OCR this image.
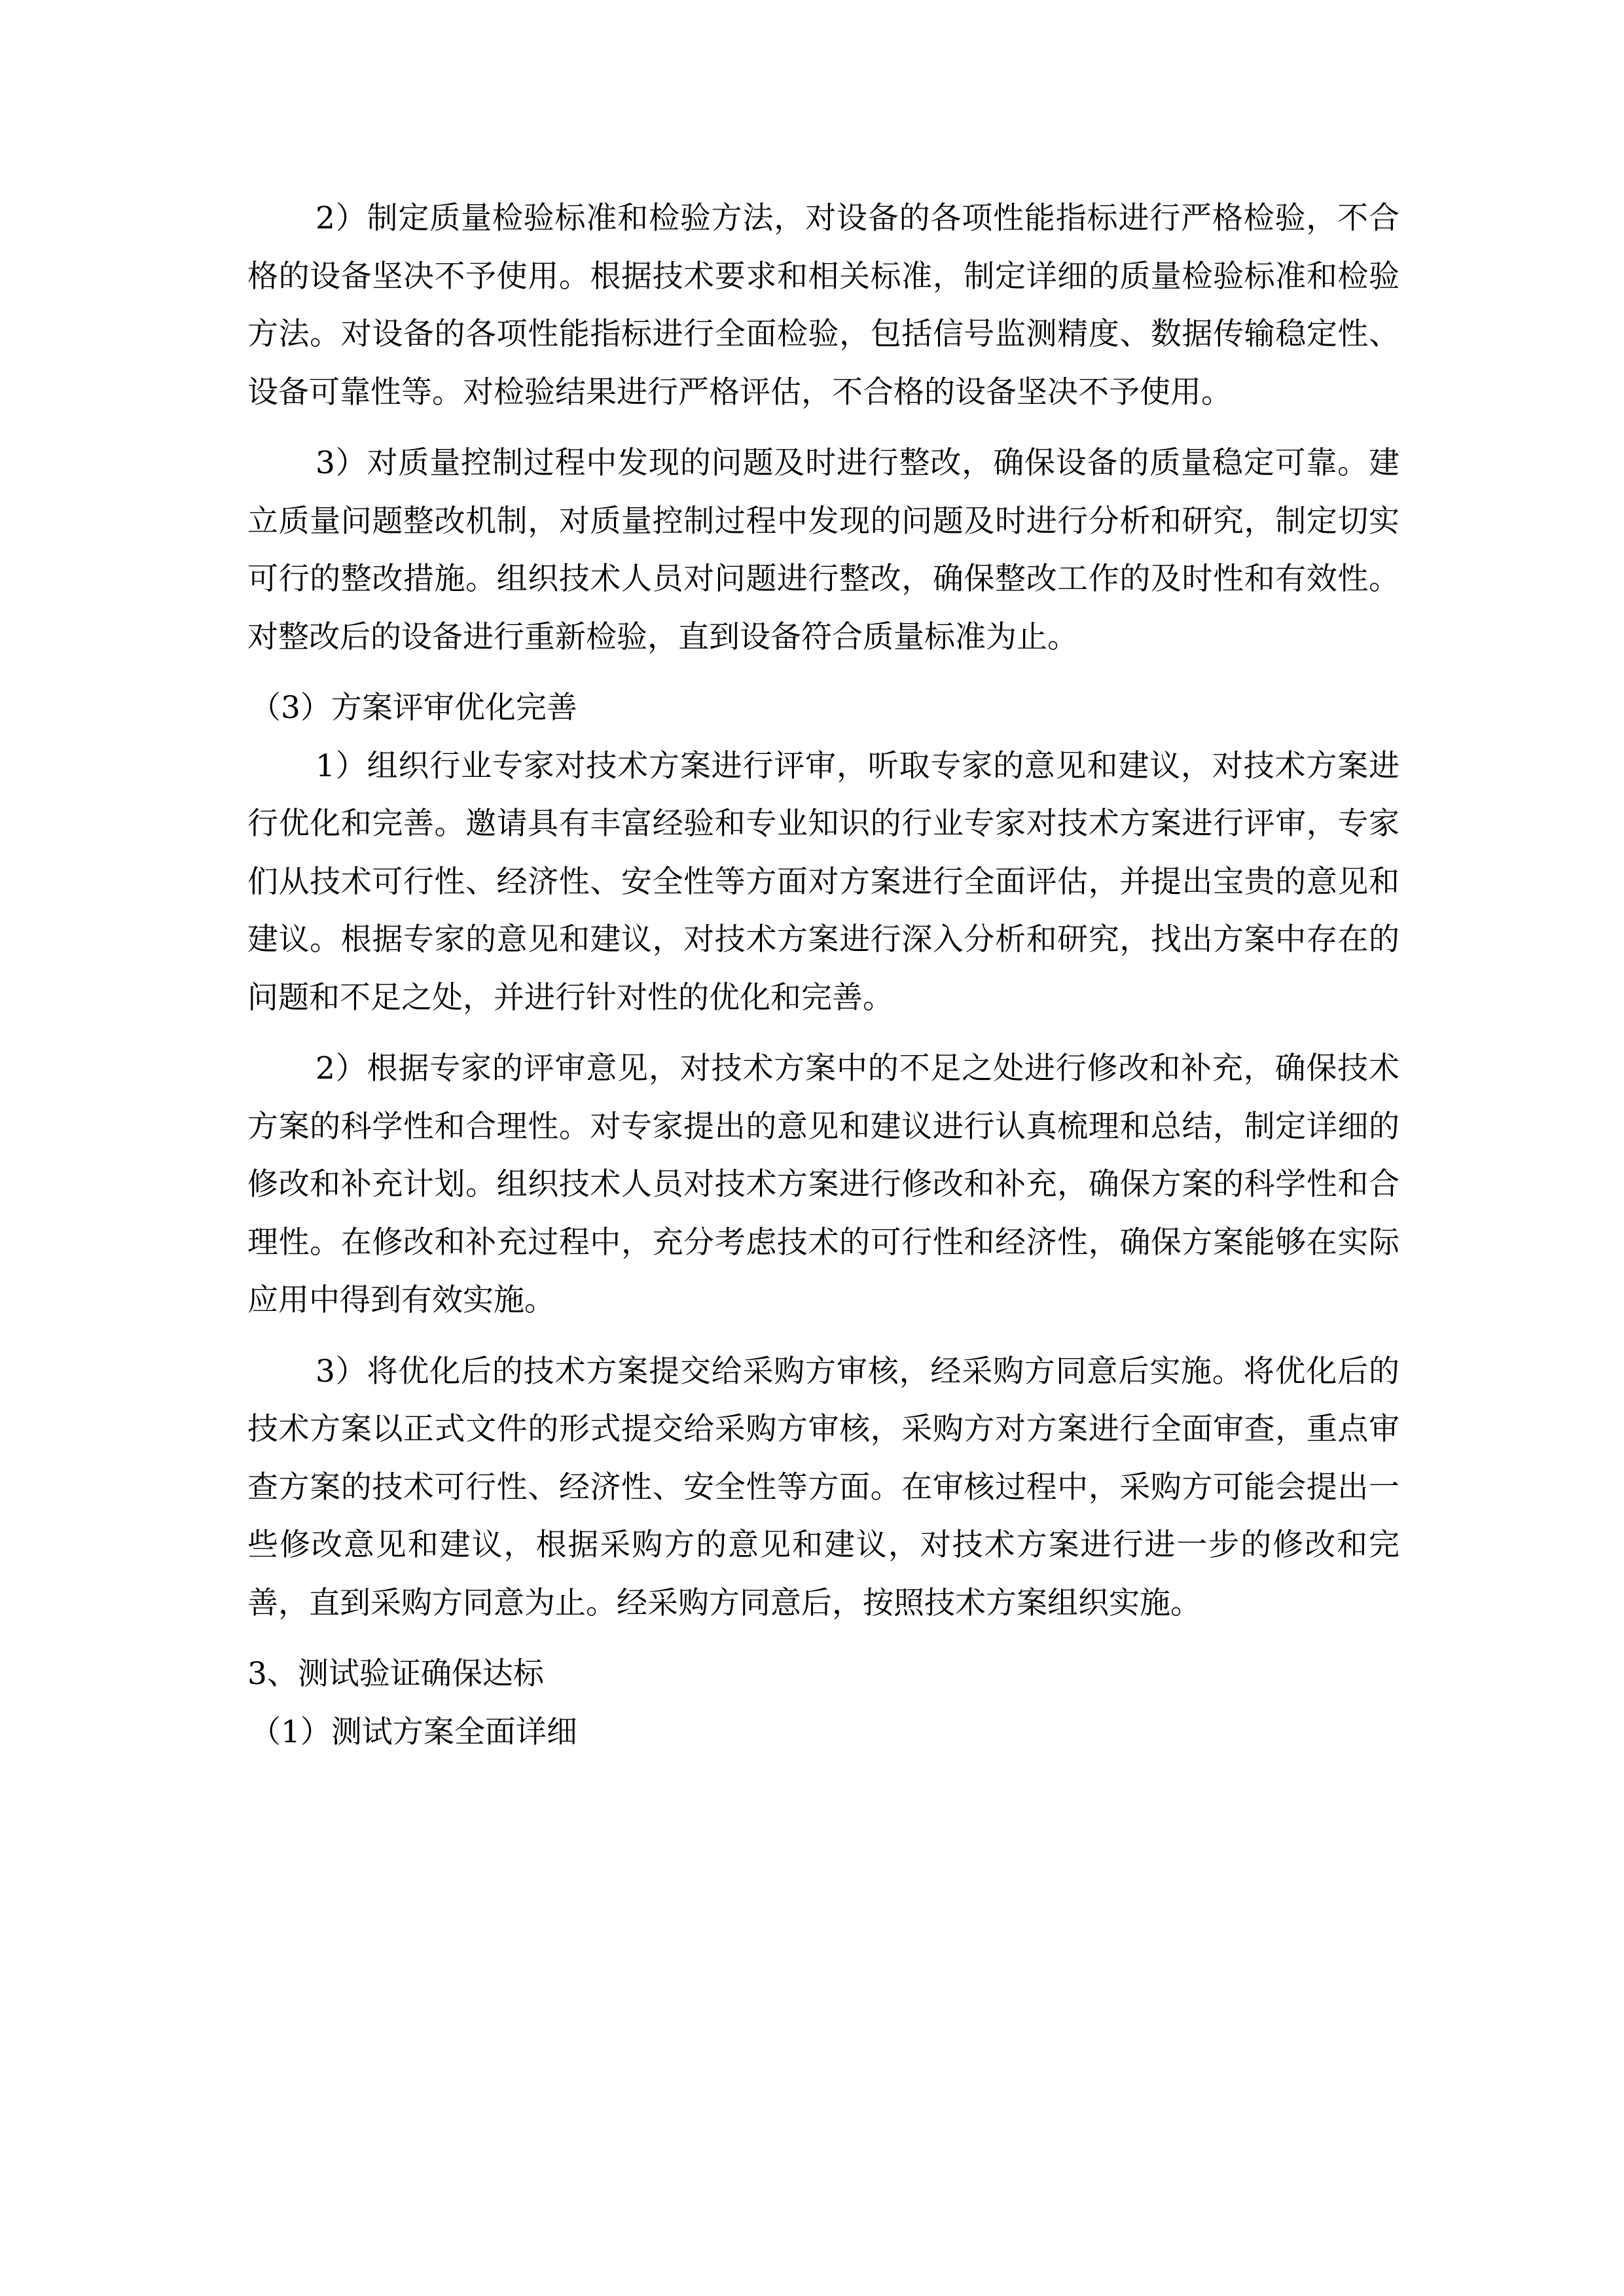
2）制定质量检验标准和检验方法，对设备的各项性能指标进行严格检验，不合格的设备坚决不予使用。根据技术要求和相关标准，制定详细的质量检验标准和检验方法。对设备的各项性能指标进行全面检验，包括信号监测精度、数据传输稳定性、设备可靠性等。对检验结果进行严格评估，不合格的设备坚决不予使用。

3）对质量控制过程中发现的问题及时进行整改，确保设备的质量稳定可靠。建立质量问题整改机制，对质量控制过程中发现的问题及时进行分析和研究，制定切实可行的整改措施。组织技术人员对问题进行整改，确保整改工作的及时性和有效性。对整改后的设备进行重新检验，直到设备符合质量标准为止。

（3）方案评审优化完善

1）组织行业专家对技术方案进行评审，听取专家的意见和建议，对技术方案进行优化和完善。邀请具有丰富经验和专业知识的行业专家对技术方案进行评审，专家们从技术可行性、经济性、安全性等方面对方案进行全面评估，并提出宝贵的意见和建议。根据专家的意见和建议，对技术方案进行深入分析和研究，找出方案中存在的问题和不足之处，并进行针对性的优化和完善。

2）根据专家的评审意见，对技术方案中的不足之处进行修改和补充，确保技术方案的科学性和合理性。对专家提出的意见和建议进行认真梳理和总结，制定详细的修改和补充计划。组织技术人员对技术方案进行修改和补充，确保方案的科学性和合理性。在修改和补充过程中，充分考虑技术的可行性和经济性，确保方案能够在实际应用中得到有效实施。

3）将优化后的技术方案提交给采购方审核，经采购方同意后实施。将优化后的技术方案以正式文件的形式提交给采购方审核，采购方对方案进行全面审查，重点审查方案的技术可行性、经济性、安全性等方面。在审核过程中，采购方可能会提出一些修改意见和建议，根据采购方的意见和建议，对技术方案进行进一步的修改和完善，直到采购方同意为止。经采购方同意后，按照技术方案组织实施。

3、测试验证确保达标

（1）测试方案全面详细
